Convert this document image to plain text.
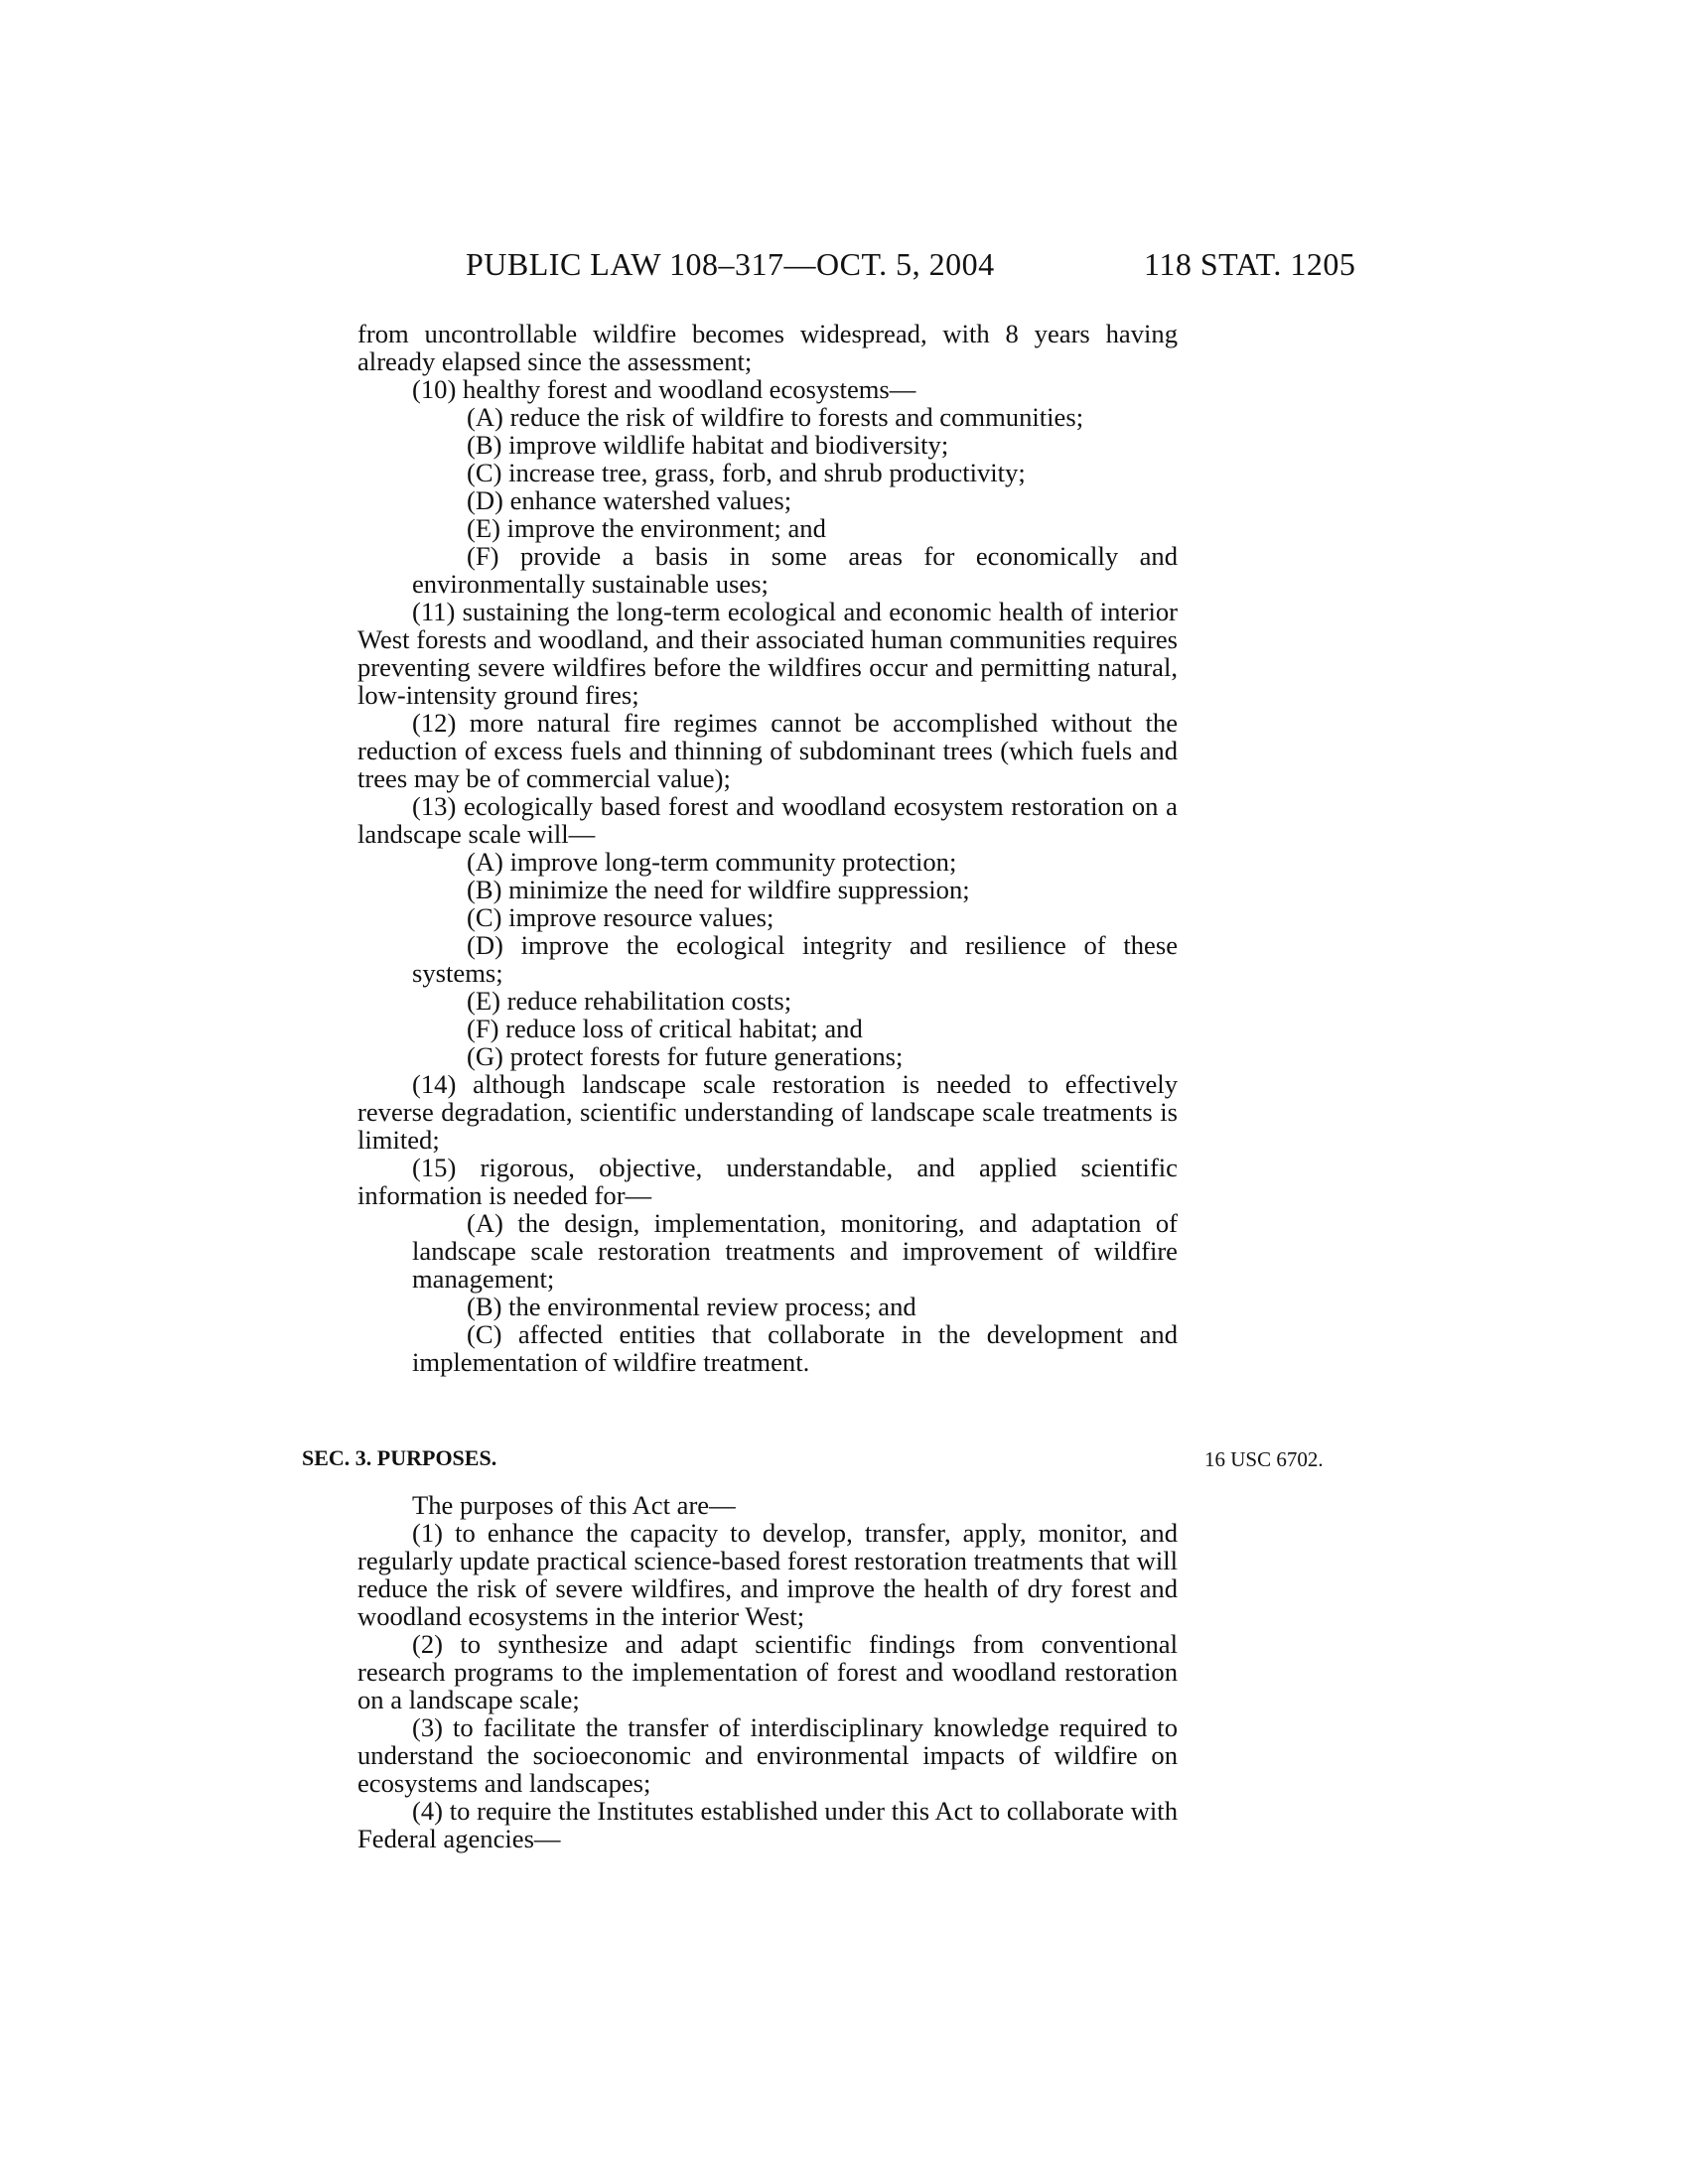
PUBLIC LAW 108–317—OCT. 5, 2004	118 STAT. 1205

from uncontrollable wildfire becomes widespread, with 8 years having already elapsed since the assessment;

(10) healthy forest and woodland ecosystems—

(A) reduce the risk of wildfire to forests and communities;

(B) improve wildlife habitat and biodiversity;

(C) increase tree, grass, forb, and shrub productivity;

(D) enhance watershed values;

(E) improve the environment; and

(F) provide a basis in some areas for economically and environmentally sustainable uses;

(11) sustaining the long-term ecological and economic health of interior West forests and woodland, and their associated human communities requires preventing severe wildfires before the wildfires occur and permitting natural, low-intensity ground fires;

(12) more natural fire regimes cannot be accomplished without the reduction of excess fuels and thinning of subdominant trees (which fuels and trees may be of commercial value);

(13) ecologically based forest and woodland ecosystem restoration on a landscape scale will—

(A) improve long-term community protection;

(B) minimize the need for wildfire suppression;

(C) improve resource values;

(D) improve the ecological integrity and resilience of these systems;

(E) reduce rehabilitation costs;

(F) reduce loss of critical habitat; and

(G) protect forests for future generations;

(14) although landscape scale restoration is needed to effectively reverse degradation, scientific understanding of landscape scale treatments is limited;

(15) rigorous, objective, understandable, and applied scientific information is needed for—

(A) the design, implementation, monitoring, and adaptation of landscape scale restoration treatments and improvement of wildfire management;

(B) the environmental review process; and

(C) affected entities that collaborate in the development and implementation of wildfire treatment.

SEC. 3. PURPOSES.	16 USC 6702.

The purposes of this Act are—

(1) to enhance the capacity to develop, transfer, apply, monitor, and regularly update practical science-based forest restoration treatments that will reduce the risk of severe wildfires, and improve the health of dry forest and woodland ecosystems in the interior West;

(2) to synthesize and adapt scientific findings from conventional research programs to the implementation of forest and woodland restoration on a landscape scale;

(3) to facilitate the transfer of interdisciplinary knowledge required to understand the socioeconomic and environmental impacts of wildfire on ecosystems and landscapes;

(4) to require the Institutes established under this Act to collaborate with Federal agencies—
